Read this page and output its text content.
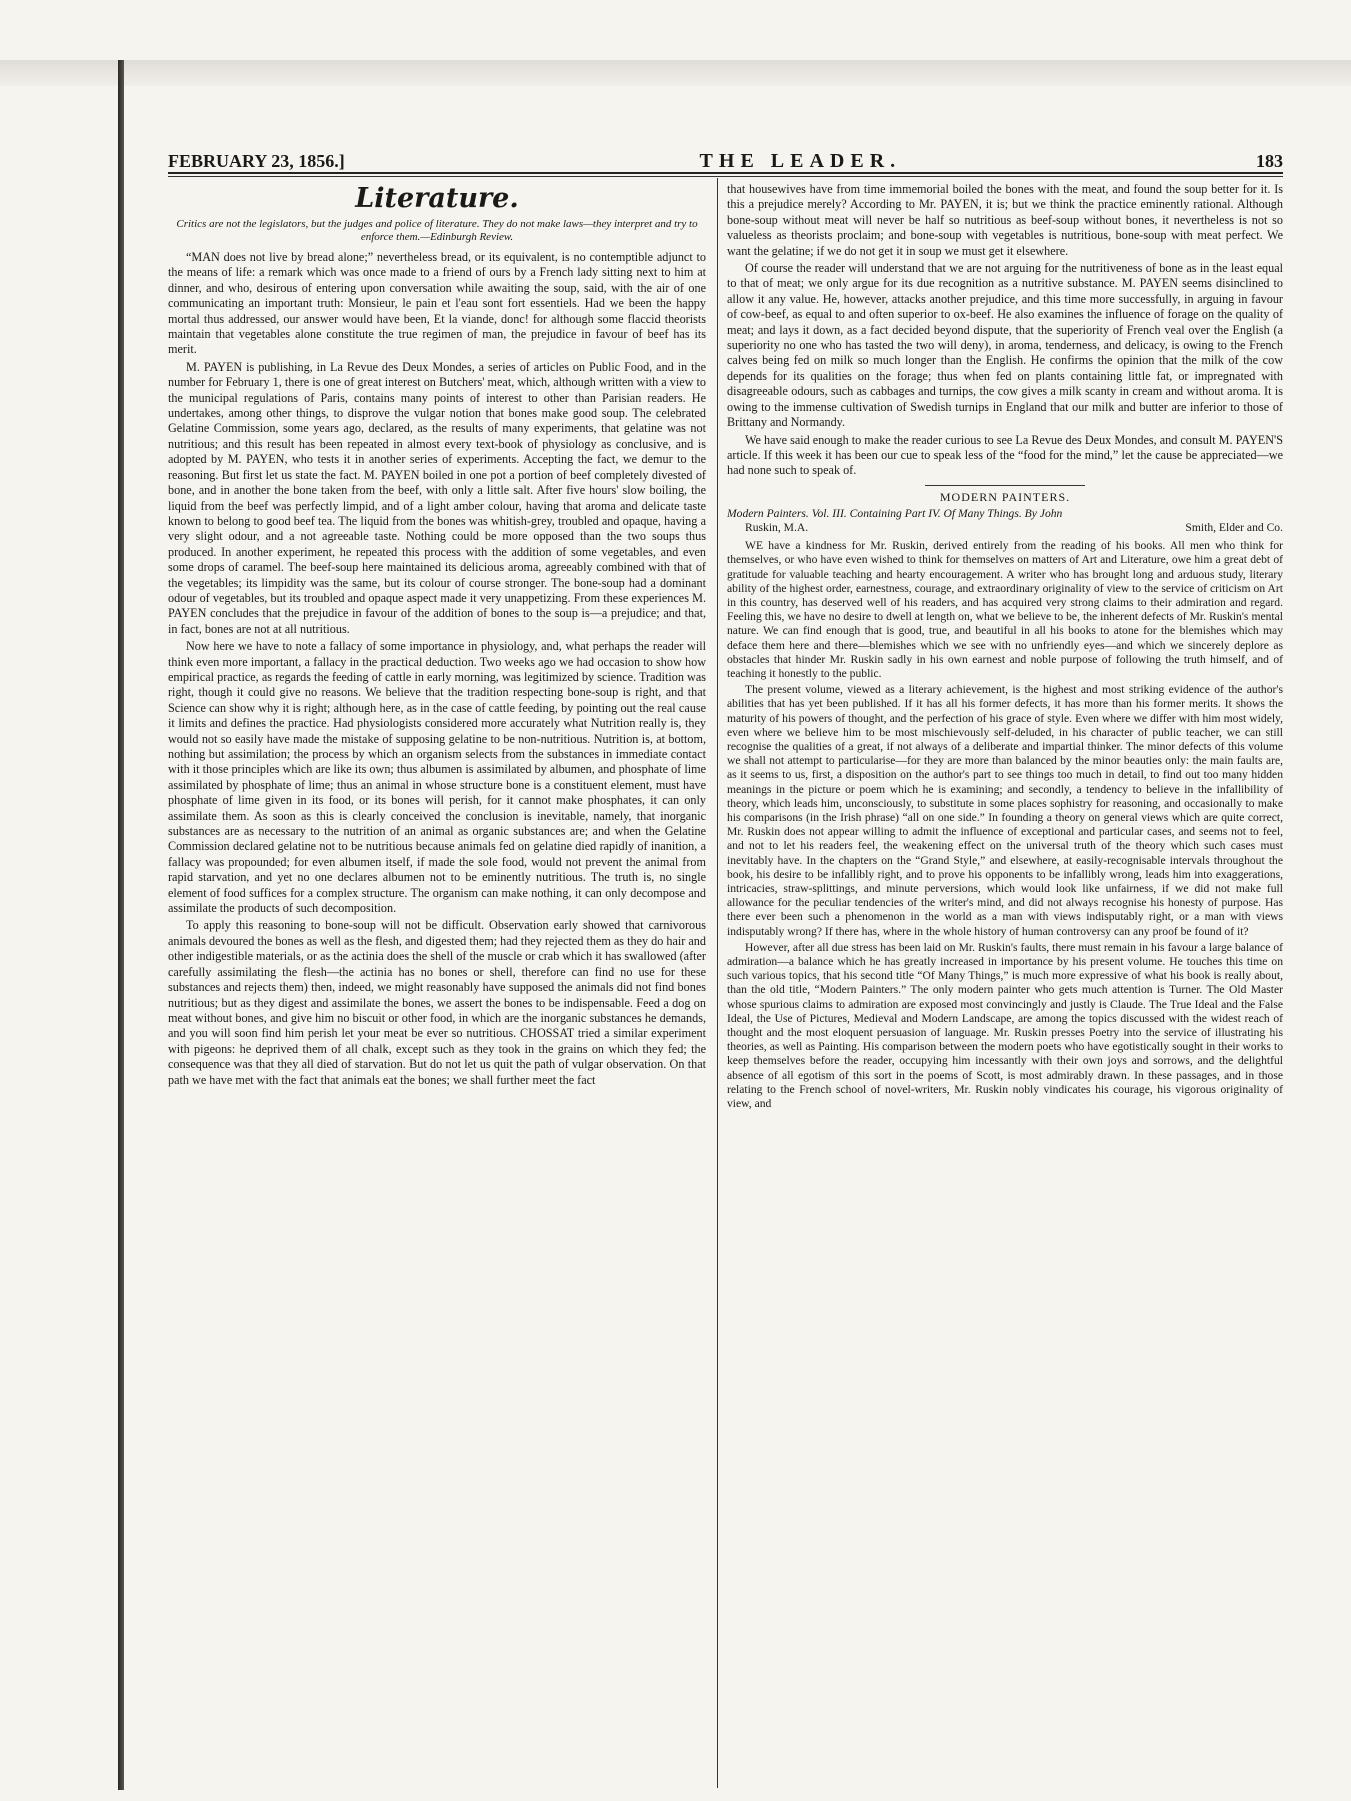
FEBRUARY 23, 1856.]	THE LEADER.	183
Literature.
Critics are not the legislators, but the judges and police of literature. They do not make laws—they interpret and try to enforce them.—Edinburgh Review.

“MAN does not live by bread alone;” nevertheless bread, or its equivalent, is no contemptible adjunct to the means of life: a remark which was once made to a friend of ours by a French lady sitting next to him at dinner, and who, desirous of entering upon conversation while awaiting the soup, said, with the air of one communicating an important truth: Monsieur, le pain et l'eau sont fort essentiels. Had we been the happy mortal thus addressed, our answer would have been, Et la viande, donc! for although some flaccid theorists maintain that vegetables alone constitute the true regimen of man, the prejudice in favour of beef has its merit.

M. PAYEN is publishing, in La Revue des Deux Mondes, a series of articles on Public Food, and in the number for February 1, there is one of great interest on Butchers' meat, which, although written with a view to the municipal regulations of Paris, contains many points of interest to other than Parisian readers. He undertakes, among other things, to disprove the vulgar notion that bones make good soup. The celebrated Gelatine Commission, some years ago, declared, as the results of many experiments, that gelatine was not nutritious; and this result has been repeated in almost every text-book of physiology as conclusive, and is adopted by M. PAYEN, who tests it in another series of experiments. Accepting the fact, we demur to the reasoning. But first let us state the fact. M. PAYEN boiled in one pot a portion of beef completely divested of bone, and in another the bone taken from the beef, with only a little salt. After five hours' slow boiling, the liquid from the beef was perfectly limpid, and of a light amber colour, having that aroma and delicate taste known to belong to good beef tea. The liquid from the bones was whitish-grey, troubled and opaque, having a very slight odour, and a not agreeable taste. Nothing could be more opposed than the two soups thus produced. In another experiment, he repeated this process with the addition of some vegetables, and even some drops of caramel. The beef-soup here maintained its delicious aroma, agreeably combined with that of the vegetables; its limpidity was the same, but its colour of course stronger. The bone-soup had a dominant odour of vegetables, but its troubled and opaque aspect made it very unappetizing. From these experiences M. PAYEN concludes that the prejudice in favour of the addition of bones to the soup is—a prejudice; and that, in fact, bones are not at all nutritious.

Now here we have to note a fallacy of some importance in physiology, and, what perhaps the reader will think even more important, a fallacy in the practical deduction. Two weeks ago we had occasion to show how empirical practice, as regards the feeding of cattle in early morning, was legitimized by science. Tradition was right, though it could give no reasons. We believe that the tradition respecting bone-soup is right, and that Science can show why it is right; although here, as in the case of cattle feeding, by pointing out the real cause it limits and defines the practice. Had physiologists considered more accurately what Nutrition really is, they would not so easily have made the mistake of supposing gelatine to be non-nutritious. Nutrition is, at bottom, nothing but assimilation; the process by which an organism selects from the substances in immediate contact with it those principles which are like its own; thus albumen is assimilated by albumen, and phosphate of lime assimilated by phosphate of lime; thus an animal in whose structure bone is a constituent element, must have phosphate of lime given in its food, or its bones will perish, for it cannot make phosphates, it can only assimilate them. As soon as this is clearly conceived the conclusion is inevitable, namely, that inorganic substances are as necessary to the nutrition of an animal as organic substances are; and when the Gelatine Commission declared gelatine not to be nutritious because animals fed on gelatine died rapidly of inanition, a fallacy was propounded; for even albumen itself, if made the sole food, would not prevent the animal from rapid starvation, and yet no one declares albumen not to be eminently nutritious. The truth is, no single element of food suffices for a complex structure. The organism can make nothing, it can only decompose and assimilate the products of such decomposition.

To apply this reasoning to bone-soup will not be difficult. Observation early showed that carnivorous animals devoured the bones as well as the flesh, and digested them; had they rejected them as they do hair and other indigestible materials, or as the actinia does the shell of the muscle or crab which it has swallowed (after carefully assimilating the flesh—the actinia has no bones or shell, therefore can find no use for these substances and rejects them) then, indeed, we might reasonably have supposed the animals did not find bones nutritious; but as they digest and assimilate the bones, we assert the bones to be indispensable. Feed a dog on meat without bones, and give him no biscuit or other food, in which are the inorganic substances he demands, and you will soon find him perish let your meat be ever so nutritious. CHOSSAT tried a similar experiment with pigeons: he deprived them of all chalk, except such as they took in the grains on which they fed; the consequence was that they all died of starvation. But do not let us quit the path of vulgar observation. On that path we have met with the fact that animals eat the bones; we shall further meet the fact

that housewives have from time immemorial boiled the bones with the meat, and found the soup better for it. Is this a prejudice merely? According to Mr. PAYEN, it is; but we think the practice eminently rational. Although bone-soup without meat will never be half so nutritious as beef-soup without bones, it nevertheless is not so valueless as theorists proclaim; and bone-soup with vegetables is nutritious, bone-soup with meat perfect. We want the gelatine; if we do not get it in soup we must get it elsewhere.

Of course the reader will understand that we are not arguing for the nutritiveness of bone as in the least equal to that of meat; we only argue for its due recognition as a nutritive substance. M. PAYEN seems disinclined to allow it any value. He, however, attacks another prejudice, and this time more successfully, in arguing in favour of cow-beef, as equal to and often superior to ox-beef. He also examines the influence of forage on the quality of meat; and lays it down, as a fact decided beyond dispute, that the superiority of French veal over the English (a superiority no one who has tasted the two will deny), in aroma, tenderness, and delicacy, is owing to the French calves being fed on milk so much longer than the English. He confirms the opinion that the milk of the cow depends for its qualities on the forage; thus when fed on plants containing little fat, or impregnated with disagreeable odours, such as cabbages and turnips, the cow gives a milk scanty in cream and without aroma. It is owing to the immense cultivation of Swedish turnips in England that our milk and butter are inferior to those of Brittany and Normandy.

We have said enough to make the reader curious to see La Revue des Deux Mondes, and consult M. PAYEN'S article. If this week it has been our cue to speak less of the “food for the mind,” let the cause be appreciated—we had none such to speak of.

MODERN PAINTERS.
Modern Painters. Vol. III. Containing Part IV. Of Many Things. By John
Ruskin, M.A.	Smith, Elder and Co.

WE have a kindness for Mr. Ruskin, derived entirely from the reading of his books. All men who think for themselves, or who have even wished to think for themselves on matters of Art and Literature, owe him a great debt of gratitude for valuable teaching and hearty encouragement. A writer who has brought long and arduous study, literary ability of the highest order, earnestness, courage, and extraordinary originality of view to the service of criticism on Art in this country, has deserved well of his readers, and has acquired very strong claims to their admiration and regard. Feeling this, we have no desire to dwell at length on, what we believe to be, the inherent defects of Mr. Ruskin's mental nature. We can find enough that is good, true, and beautiful in all his books to atone for the blemishes which may deface them here and there—blemishes which we see with no unfriendly eyes—and which we sincerely deplore as obstacles that hinder Mr. Ruskin sadly in his own earnest and noble purpose of following the truth himself, and of teaching it honestly to the public.

The present volume, viewed as a literary achievement, is the highest and most striking evidence of the author's abilities that has yet been published. If it has all his former defects, it has more than his former merits. It shows the maturity of his powers of thought, and the perfection of his grace of style. Even where we differ with him most widely, even where we believe him to be most mischievously self-deluded, in his character of public teacher, we can still recognise the qualities of a great, if not always of a deliberate and impartial thinker. The minor defects of this volume we shall not attempt to particularise—for they are more than balanced by the minor beauties only: the main faults are, as it seems to us, first, a disposition on the author's part to see things too much in detail, to find out too many hidden meanings in the picture or poem which he is examining; and secondly, a tendency to believe in the infallibility of theory, which leads him, unconsciously, to substitute in some places sophistry for reasoning, and occasionally to make his comparisons (in the Irish phrase) “all on one side.” In founding a theory on general views which are quite correct, Mr. Ruskin does not appear willing to admit the influence of exceptional and particular cases, and seems not to feel, and not to let his readers feel, the weakening effect on the universal truth of the theory which such cases must inevitably have. In the chapters on the “Grand Style,” and elsewhere, at easily-recognisable intervals throughout the book, his desire to be infallibly right, and to prove his opponents to be infallibly wrong, leads him into exaggerations, intricacies, straw-splittings, and minute perversions, which would look like unfairness, if we did not make full allowance for the peculiar tendencies of the writer's mind, and did not always recognise his honesty of purpose. Has there ever been such a phenomenon in the world as a man with views indisputably right, or a man with views indisputably wrong? If there has, where in the whole history of human controversy can any proof be found of it?

However, after all due stress has been laid on Mr. Ruskin's faults, there must remain in his favour a large balance of admiration—a balance which he has greatly increased in importance by his present volume. He touches this time on such various topics, that his second title “Of Many Things,” is much more expressive of what his book is really about, than the old title, “Modern Painters.” The only modern painter who gets much attention is Turner. The Old Master whose spurious claims to admiration are exposed most convincingly and justly is Claude. The True Ideal and the False Ideal, the Use of Pictures, Medieval and Modern Landscape, are among the topics discussed with the widest reach of thought and the most eloquent persuasion of language. Mr. Ruskin presses Poetry into the service of illustrating his theories, as well as Painting. His comparison between the modern poets who have egotistically sought in their works to keep themselves before the reader, occupying him incessantly with their own joys and sorrows, and the delightful absence of all egotism of this sort in the poems of Scott, is most admirably drawn. In these passages, and in those relating to the French school of novel-writers, Mr. Ruskin nobly vindicates his courage, his vigorous originality of view, and
